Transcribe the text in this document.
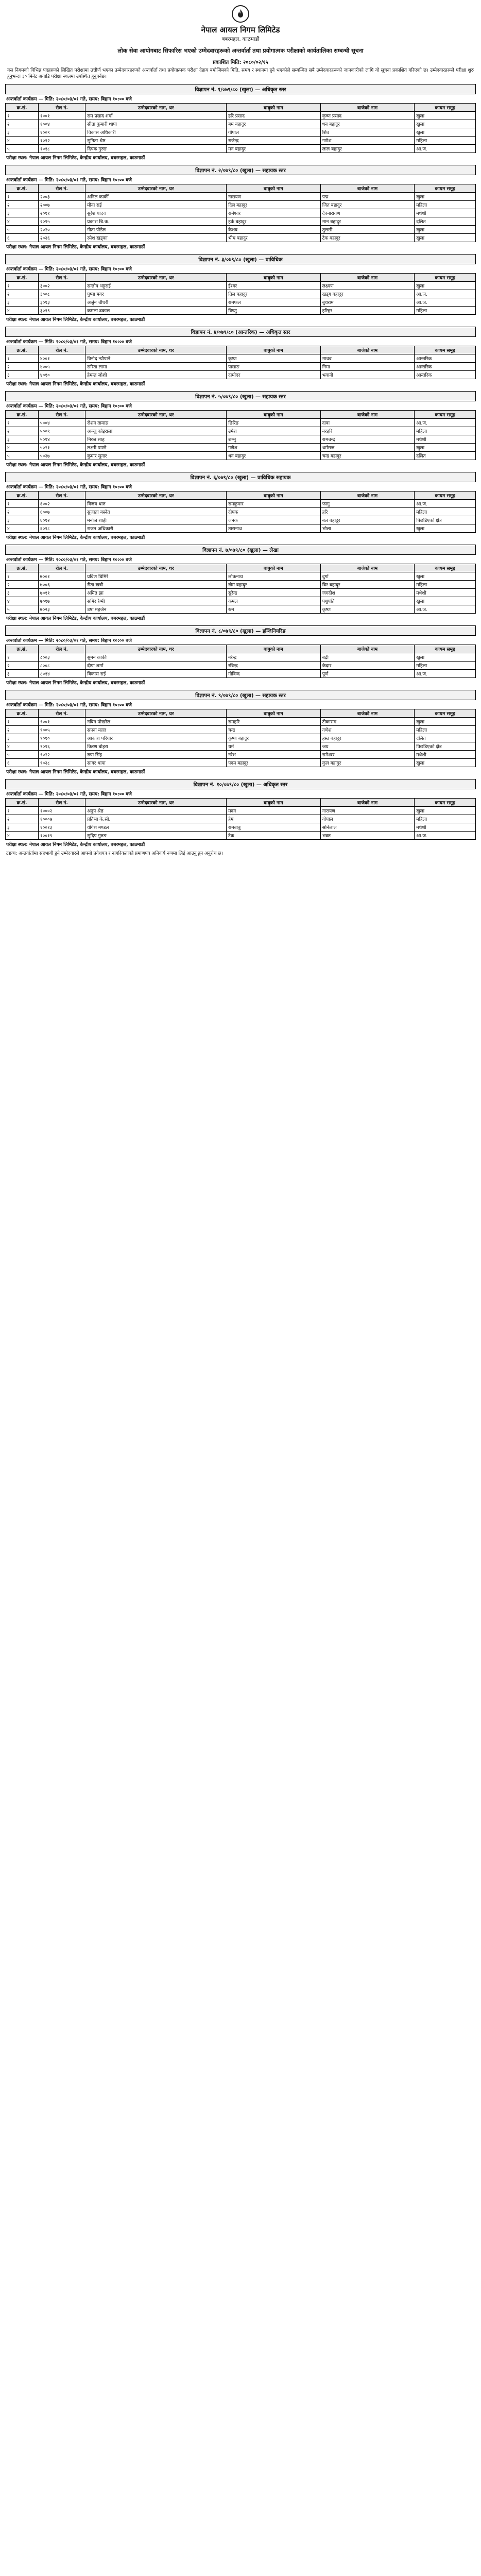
नेपाल आयल निगम लिमिटेड
बबरमहल, काठमाडौं
लोक सेवा आयोगबाट सिफारिस भएको उम्मेदवारहरूको अन्तर्वार्ता तथा प्रयोगात्मक परीक्षाको कार्यतालिका सम्बन्धी सूचना
प्रकाशित मिति: २०८०/०२/१५
यस निगमको विभिन्न पदहरूको लिखित परीक्षामा उत्तीर्ण भएका उम्मेदवारहरूको अन्तर्वार्ता तथा प्रयोगात्मक परीक्षा देहाय बमोजिमको मिति, समय र स्थानमा हुने भएकोले सम्बन्धित सबै उम्मेदवारहरूको जानकारीको लागि यो सूचना प्रकाशित गरिएको छ। उम्मेदवारहरूले परीक्षा शुरु हुनुभन्दा ३० मिनेट अगाडि परीक्षा स्थलमा उपस्थित हुनुपर्नेछ।
विज्ञापन नं. १/०७९/८० (खुला) — अधिकृत स्तर
अन्तर्वार्ता कार्यक्रम — मिति: २०८०/०३/०१ गते, समय: बिहान १०:०० बजे
क्र.सं.	रोल नं.	उम्मेदवारको नाम, थर	बाबुको नाम	बाजेको नाम	कायम समूह
१	१००१	राम प्रसाद शर्मा	हरि प्रसाद	कृष्ण प्रसाद	खुला
२	१००४	सीता कुमारी थापा	बम बहादुर	धन बहादुर	खुला
३	१००९	विकास अधिकारी	गोपाल	शिव	खुला
४	१०१२	सुनिता श्रेष्ठ	राजेन्द्र	गणेश	महिला
५	१०१८	दिपक गुरुङ	मन बहादुर	लाल बहादुर	आ.ज.
परीक्षा स्थल: नेपाल आयल निगम लिमिटेड, केन्द्रीय कार्यालय, बबरमहल, काठमाडौं
विज्ञापन नं. २/०७९/८० (खुला) — सहायक स्तर
अन्तर्वार्ता कार्यक्रम — मिति: २०८०/०३/०१ गते, समय: बिहान १०:०० बजे
क्र.सं.	रोल नं.	उम्मेदवारको नाम, थर	बाबुको नाम	बाजेको नाम	कायम समूह
१	२००३	अनिल कार्की	नारायण	पद्म	खुला
२	२००७	मीना राई	दिल बहादुर	जित बहादुर	महिला
३	२०११	सुरेश यादव	रामेश्वर	देवनारायण	मधेशी
४	२०१५	प्रकाश बि.क.	हर्क बहादुर	मान बहादुर	दलित
५	२०२०	गीता पौडेल	केशव	तुलसी	खुला
६	२०२६	रमेश खड्का	भीम बहादुर	टेक बहादुर	खुला
परीक्षा स्थल: नेपाल आयल निगम लिमिटेड, केन्द्रीय कार्यालय, बबरमहल, काठमाडौं
विज्ञापन नं. ३/०७९/८० (खुला) — प्राविधिक
अन्तर्वार्ता कार्यक्रम — मिति: २०८०/०३/०१ गते, समय: बिहान १०:०० बजे
क्र.सं.	रोल नं.	उम्मेदवारको नाम, थर	बाबुको नाम	बाजेको नाम	कायम समूह
१	३००२	सन्तोष भट्टराई	ईश्वर	लक्ष्मण	खुला
२	३००८	पुष्पा मगर	तिल बहादुर	खड्ग बहादुर	आ.ज.
३	३०१३	अर्जुन चौधरी	रामफल	बुधराम	आ.ज.
४	३०१९	कमला ढकाल	विष्णु	हरिहर	महिला
परीक्षा स्थल: नेपाल आयल निगम लिमिटेड, केन्द्रीय कार्यालय, बबरमहल, काठमाडौं
विज्ञापन नं. ४/०७९/८० (आन्तरिक) — अधिकृत स्तर
अन्तर्वार्ता कार्यक्रम — मिति: २०८०/०३/०१ गते, समय: बिहान १०:०० बजे
क्र.सं.	रोल नं.	उम्मेदवारको नाम, थर	बाबुको नाम	बाजेको नाम	कायम समूह
१	४००१	विनोद न्यौपाने	कृष्ण	माधव	आन्तरिक
२	४००५	सरिता लामा	पासाङ	निमा	आन्तरिक
३	४०१०	हेमन्त जोशी	दामोदर	भवानी	आन्तरिक
परीक्षा स्थल: नेपाल आयल निगम लिमिटेड, केन्द्रीय कार्यालय, बबरमहल, काठमाडौं
विज्ञापन नं. ५/०७९/८० (खुला) — सहायक स्तर
अन्तर्वार्ता कार्यक्रम — मिति: २०८०/०३/०१ गते, समय: बिहान १०:०० बजे
क्र.सं.	रोल नं.	उम्मेदवारको नाम, थर	बाबुको नाम	बाजेको नाम	कायम समूह
१	५००४	रोशन तामाङ	छिरिङ	दावा	आ.ज.
२	५००९	अञ्जु कोइराला	उमेश	नरहरि	महिला
३	५०१४	निरज साह	शम्भु	रामचन्द्र	मधेशी
४	५०२१	लक्ष्मी पाण्डे	गणेश	धर्मराज	खुला
५	५०२७	कुमार सुनार	धन बहादुर	चन्द्र बहादुर	दलित
परीक्षा स्थल: नेपाल आयल निगम लिमिटेड, केन्द्रीय कार्यालय, बबरमहल, काठमाडौं
विज्ञापन नं. ६/०७९/८० (खुला) — प्राविधिक सहायक
अन्तर्वार्ता कार्यक्रम — मिति: २०८०/०३/०१ गते, समय: बिहान १०:०० बजे
क्र.सं.	रोल नं.	उम्मेदवारको नाम, थर	बाबुको नाम	बाजेको नाम	कायम समूह
१	६००२	विजय थारु	रामकुमार	फागु	आ.ज.
२	६००७	सुजाता बस्नेत	दीपक	हरि	महिला
३	६०१२	मनोज शाही	जनक	बल बहादुर	पिछडिएको क्षेत्र
४	६०१८	राजन अधिकारी	तारानाथ	भोला	खुला
परीक्षा स्थल: नेपाल आयल निगम लिमिटेड, केन्द्रीय कार्यालय, बबरमहल, काठमाडौं
विज्ञापन नं. ७/०७९/८० (खुला) — लेखा
अन्तर्वार्ता कार्यक्रम — मिति: २०८०/०३/०१ गते, समय: बिहान १०:०० बजे
क्र.सं.	रोल नं.	उम्मेदवारको नाम, थर	बाबुको नाम	बाजेको नाम	कायम समूह
१	७००१	प्रविण घिमिरे	लोकनाथ	दुर्गा	खुला
२	७००६	रीता खत्री	खेम बहादुर	बिर बहादुर	महिला
३	७०११	अमित झा	सुरेन्द्र	जगदीश	मधेशी
४	७०१७	समिर रेग्मी	कमल	पशुपति	खुला
५	७०२३	उषा महर्जन	रत्न	कृष्ण	आ.ज.
परीक्षा स्थल: नेपाल आयल निगम लिमिटेड, केन्द्रीय कार्यालय, बबरमहल, काठमाडौं
विज्ञापन नं. ८/०७९/८० (खुला) — इन्जिनियरिङ
अन्तर्वार्ता कार्यक्रम — मिति: २०८०/०३/०१ गते, समय: बिहान १०:०० बजे
क्र.सं.	रोल नं.	उम्मेदवारको नाम, थर	बाबुको नाम	बाजेको नाम	कायम समूह
१	८००३	सुमन कार्की	नरेन्द्र	बद्री	खुला
२	८००८	दीपा शर्मा	रविन्द्र	केदार	महिला
३	८०१४	बिकास राई	गोविन्द	पूर्ण	आ.ज.
परीक्षा स्थल: नेपाल आयल निगम लिमिटेड, केन्द्रीय कार्यालय, बबरमहल, काठमाडौं
विज्ञापन नं. ९/०७९/८० (खुला) — सहायक स्तर
अन्तर्वार्ता कार्यक्रम — मिति: २०८०/०३/०१ गते, समय: बिहान १०:०० बजे
क्र.सं.	रोल नं.	उम्मेदवारको नाम, थर	बाबुको नाम	बाजेको नाम	कायम समूह
१	९००१	नबिन पोखरेल	रामहरि	टीकाराम	खुला
२	९००५	सपना मल्ल	चन्द्र	गणेश	महिला
३	९०१०	आकाश परियार	कृष्ण बहादुर	हस्त बहादुर	दलित
४	९०१६	किरण बोहरा	धर्म	जय	पिछडिएको क्षेत्र
५	९०२२	रुपा सिंह	नरेश	रामेश्वर	मधेशी
६	९०२८	सागर थापा	पदम बहादुर	कुल बहादुर	खुला
परीक्षा स्थल: नेपाल आयल निगम लिमिटेड, केन्द्रीय कार्यालय, बबरमहल, काठमाडौं
विज्ञापन नं. १०/०७९/८० (खुला) — अधिकृत स्तर
अन्तर्वार्ता कार्यक्रम — मिति: २०८०/०३/०१ गते, समय: बिहान १०:०० बजे
क्र.सं.	रोल नं.	उम्मेदवारको नाम, थर	बाबुको नाम	बाजेको नाम	कायम समूह
१	१०००२	अनुप श्रेष्ठ	मदन	नारायण	खुला
२	१०००७	प्रतिभा के.सी.	हेम	गोपाल	महिला
३	१००१३	योगेश मण्डल	रामबाबु	सोनेलाल	मधेशी
४	१००१९	सुदिप गुरुङ	टेक	भक्त	आ.ज.
परीक्षा स्थल: नेपाल आयल निगम लिमिटेड, केन्द्रीय कार्यालय, बबरमहल, काठमाडौं
द्रष्टव्य: अन्तर्वार्तामा सहभागी हुने उम्मेदवारले आफ्नो प्रवेशपत्र र नागरिकताको प्रमाणपत्र अनिवार्य रूपमा लिई आउनु हुन अनुरोध छ।
